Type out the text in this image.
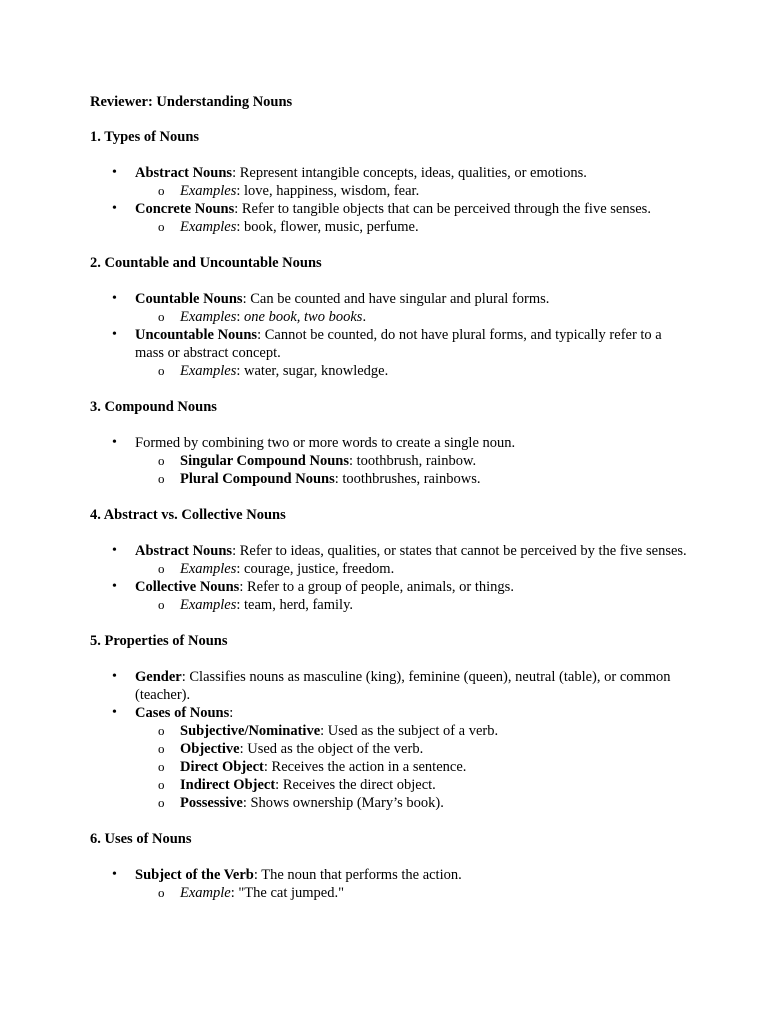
Reviewer: Understanding Nouns
1. Types of Nouns
• Abstract Nouns: Represent intangible concepts, ideas, qualities, or emotions.
o Examples: love, happiness, wisdom, fear.
• Concrete Nouns: Refer to tangible objects that can be perceived through the five senses.
o Examples: book, flower, music, perfume.
2. Countable and Uncountable Nouns
• Countable Nouns: Can be counted and have singular and plural forms.
o Examples: one book, two books.
• Uncountable Nouns: Cannot be counted, do not have plural forms, and typically refer to a mass or abstract concept.
o Examples: water, sugar, knowledge.
3. Compound Nouns
• Formed by combining two or more words to create a single noun.
o Singular Compound Nouns: toothbrush, rainbow.
o Plural Compound Nouns: toothbrushes, rainbows.
4. Abstract vs. Collective Nouns
• Abstract Nouns: Refer to ideas, qualities, or states that cannot be perceived by the five senses.
o Examples: courage, justice, freedom.
• Collective Nouns: Refer to a group of people, animals, or things.
o Examples: team, herd, family.
5. Properties of Nouns
• Gender: Classifies nouns as masculine (king), feminine (queen), neutral (table), or common (teacher).
• Cases of Nouns:
o Subjective/Nominative: Used as the subject of a verb.
o Objective: Used as the object of the verb.
o Direct Object: Receives the action in a sentence.
o Indirect Object: Receives the direct object.
o Possessive: Shows ownership (Mary’s book).
6. Uses of Nouns
• Subject of the Verb: The noun that performs the action.
o Example: "The cat jumped."
